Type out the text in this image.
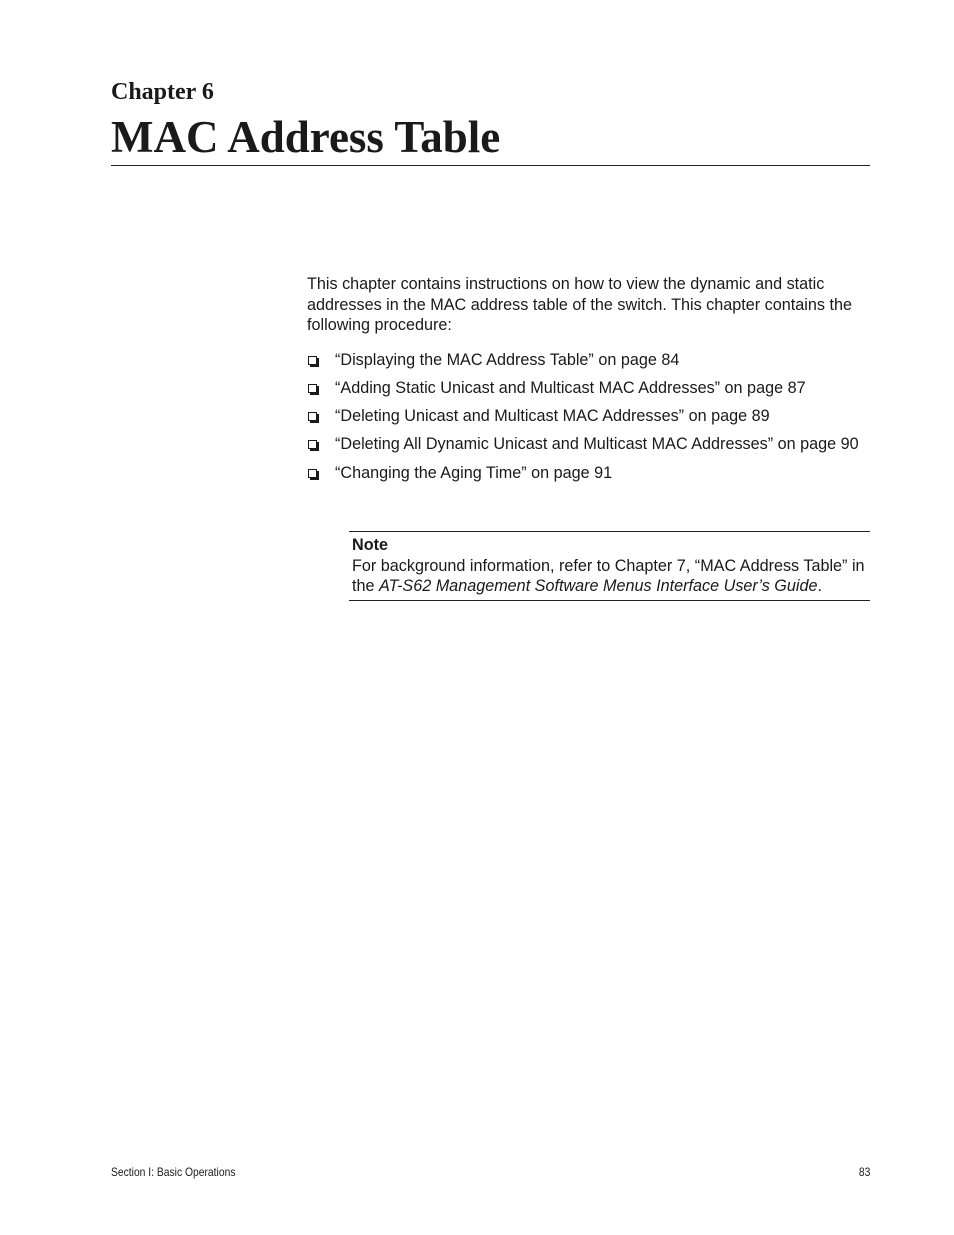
Chapter 6
MAC Address Table

This chapter contains instructions on how to view the dynamic and static addresses in the MAC address table of the switch. This chapter contains the following procedure:

“Displaying the MAC Address Table” on page 84
“Adding Static Unicast and Multicast MAC Addresses” on page 87
“Deleting Unicast and Multicast MAC Addresses” on page 89
“Deleting All Dynamic Unicast and Multicast MAC Addresses” on page 90
“Changing the Aging Time” on page 91

Note

For background information, refer to Chapter 7, “MAC Address Table” in the AT-S62 Management Software Menus Interface User’s Guide.

Section I: Basic Operations	83
